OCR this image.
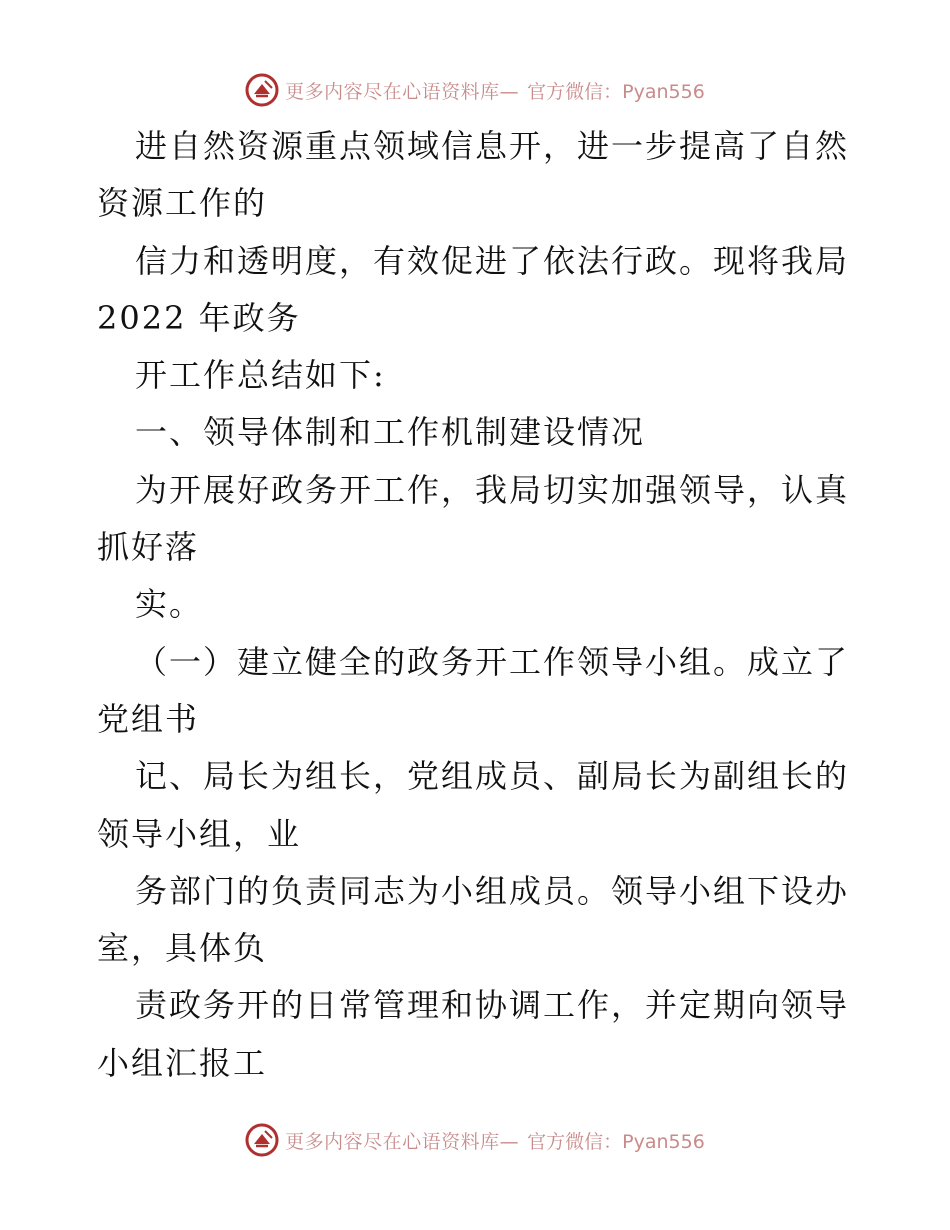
更多内容尽在心语资料库— 官方微信：Pyan556
进自然资源重点领域信息开，进一步提高了自然
资源工作的
信力和透明度，有效促进了依法行政。现将我局
2022 年政务
开工作总结如下:
一、领导体制和工作机制建设情况
为开展好政务开工作，我局切实加强领导，认真
抓好落
实。
（一）建立健全的政务开工作领导小组。成立了
党组书
记、局长为组长，党组成员、副局长为副组长的
领导小组，业
务部门的负责同志为小组成员。领导小组下设办
室，具体负
责政务开的日常管理和协调工作，并定期向领导
小组汇报工
更多内容尽在心语资料库— 官方微信：Pyan556
